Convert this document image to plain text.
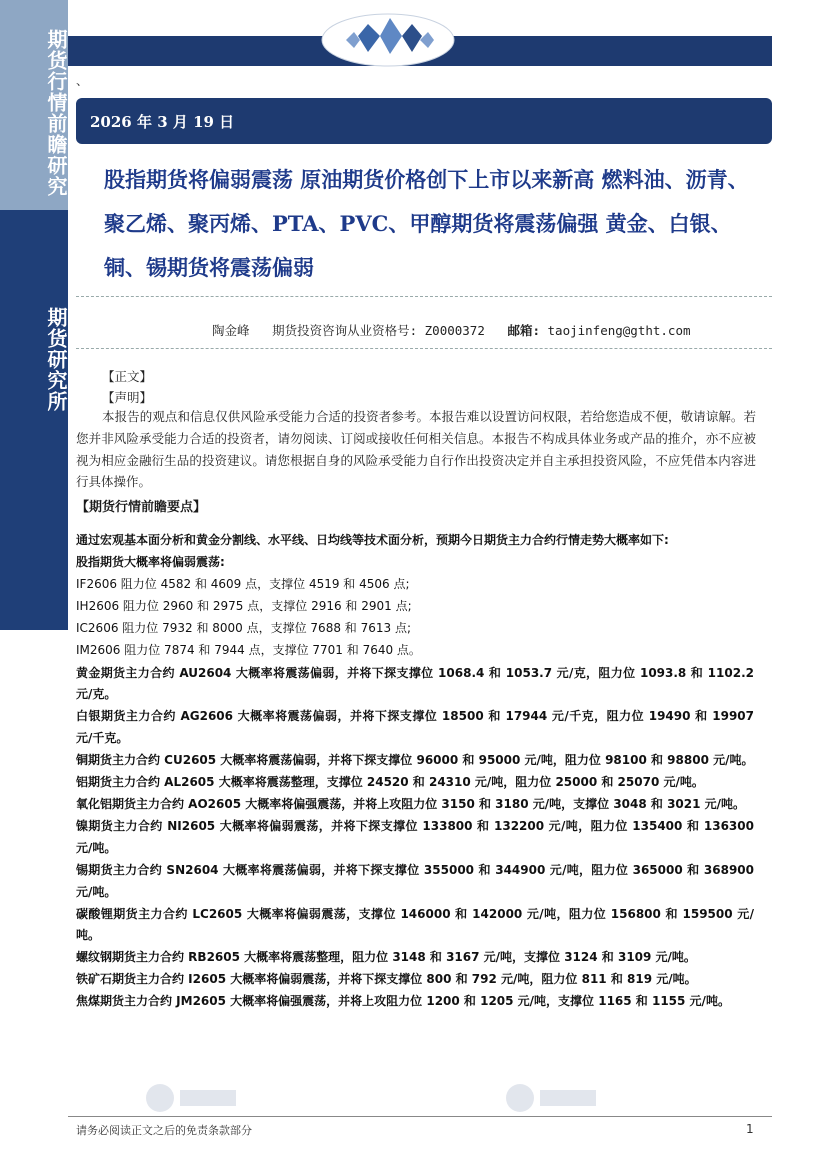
期货行情前瞻研究
期货研究所
、
2026 年 3 月 19 日
股指期货将偏弱震荡 原油期货价格创下上市以来新高 燃料油、沥青、聚乙烯、聚丙烯、PTA、PVC、甲醇期货将震荡偏强 黄金、白银、铜、锡期货将震荡偏弱
陶金峰 期货投资咨询从业资格号: Z0000372 邮箱: taojinfeng@gtht.com
【正文】
【声明】
本报告的观点和信息仅供风险承受能力合适的投资者参考。本报告难以设置访问权限，若给您造成不便，敬请谅解。若您并非风险承受能力合适的投资者，请勿阅读、订阅或接收任何相关信息。本报告不构成具体业务或产品的推介，亦不应被视为相应金融衍生品的投资建议。请您根据自身的风险承受能力自行作出投资决定并自主承担投资风险，不应凭借本内容进行具体操作。
【期货行情前瞻要点】

通过宏观基本面分析和黄金分割线、水平线、日均线等技术面分析，预期今日期货主力合约行情走势大概率如下:

股指期货大概率将偏弱震荡:

IF2606 阻力位 4582 和 4609 点，支撑位 4519 和 4506 点;

IH2606 阻力位 2960 和 2975 点，支撑位 2916 和 2901 点;

IC2606 阻力位 7932 和 8000 点，支撑位 7688 和 7613 点;

IM2606 阻力位 7874 和 7944 点，支撑位 7701 和 7640 点。

黄金期货主力合约 AU2604 大概率将震荡偏弱，并将下探支撑位 1068.4 和 1053.7 元/克，阻力位 1093.8 和 1102.2 元/克。

白银期货主力合约 AG2606 大概率将震荡偏弱，并将下探支撑位 18500 和 17944 元/千克，阻力位 19490 和 19907 元/千克。

铜期货主力合约 CU2605 大概率将震荡偏弱，并将下探支撑位 96000 和 95000 元/吨，阻力位 98100 和 98800 元/吨。

铝期货主力合约 AL2605 大概率将震荡整理，支撑位 24520 和 24310 元/吨，阻力位 25000 和 25070 元/吨。

氧化铝期货主力合约 AO2605 大概率将偏强震荡，并将上攻阻力位 3150 和 3180 元/吨，支撑位 3048 和 3021 元/吨。

镍期货主力合约 NI2605 大概率将偏弱震荡，并将下探支撑位 133800 和 132200 元/吨，阻力位 135400 和 136300 元/吨。

锡期货主力合约 SN2604 大概率将震荡偏弱，并将下探支撑位 355000 和 344900 元/吨，阻力位 365000 和 368900 元/吨。

碳酸锂期货主力合约 LC2605 大概率将偏弱震荡，支撑位 146000 和 142000 元/吨，阻力位 156800 和 159500 元/吨。

螺纹钢期货主力合约 RB2605 大概率将震荡整理，阻力位 3148 和 3167 元/吨，支撑位 3124 和 3109 元/吨。

铁矿石期货主力合约 I2605 大概率将偏弱震荡，并将下探支撑位 800 和 792 元/吨，阻力位 811 和 819 元/吨。

焦煤期货主力合约 JM2605 大概率将偏强震荡，并将上攻阻力位 1200 和 1205 元/吨，支撑位 1165 和 1155 元/吨。

请务必阅读正文之后的免责条款部分	1
